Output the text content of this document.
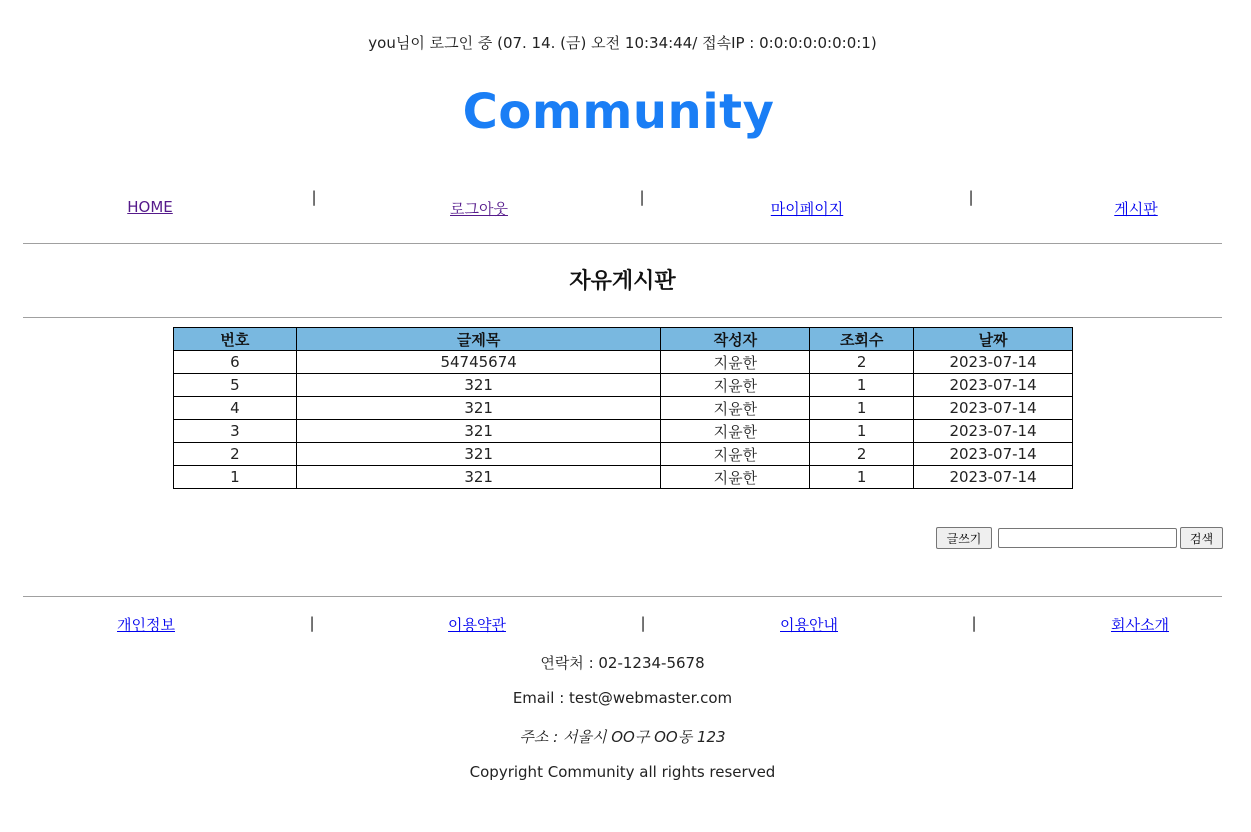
you님이 로그인 중 (07. 14. (금) 오전 10:34:44/ 접속IP : 0:0:0:0:0:0:0:1)
Community
HOME
|
로그아웃
|
마이페이지
|
게시판
자유게시판
번호	글제목	작성자	조회수	날짜
6	54745674	지윤한	2	2023-07-14
5	321	지윤한	1	2023-07-14
4	321	지윤한	1	2023-07-14
3	321	지윤한	1	2023-07-14
2	321	지윤한	2	2023-07-14
1	321	지윤한	1	2023-07-14
글쓰기	검색
개인정보	|	이용약관	|	이용안내	|	회사소개
연락처 : 02-1234-5678
Email : test@webmaster.com
주소 : 서울시 OO구 OO동 123
Copyright Community all rights reserved
